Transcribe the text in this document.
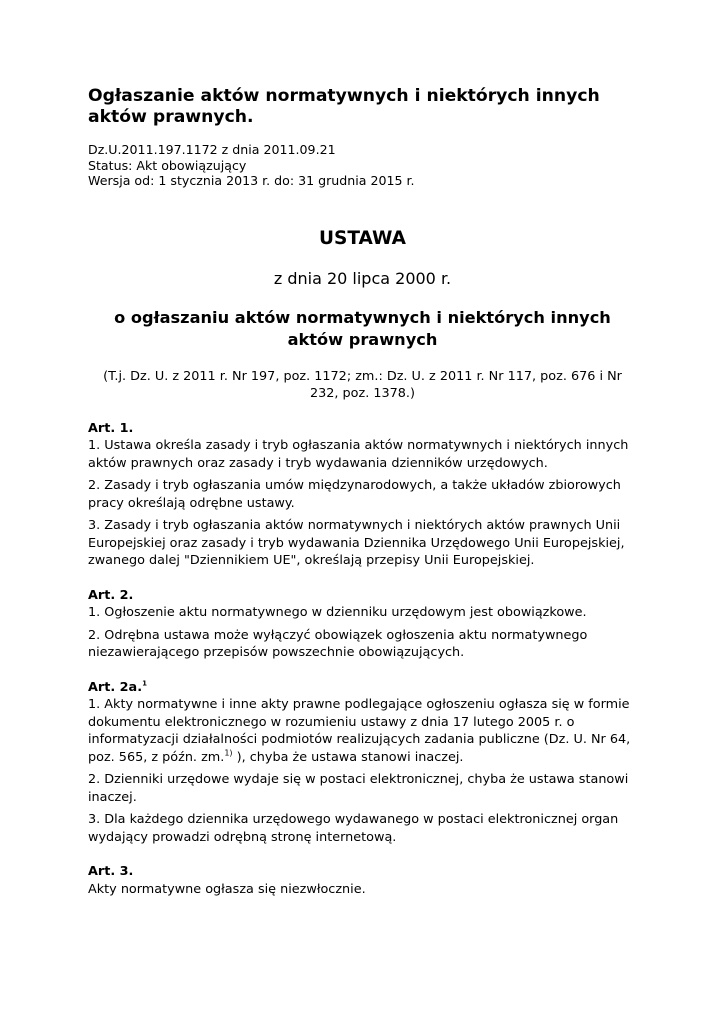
Ogłaszanie aktów normatywnych i niektórych innych aktów prawnych.
Dz.U.2011.197.1172 z dnia 2011.09.21
Status: Akt obowiązujący
Wersja od: 1 stycznia 2013 r. do: 31 grudnia 2015 r.
USTAWA
z dnia 20 lipca 2000 r.
o ogłaszaniu aktów normatywnych i niektórych innych aktów prawnych
(T.j. Dz. U. z 2011 r. Nr 197, poz. 1172; zm.: Dz. U. z 2011 r. Nr 117, poz. 676 i Nr 232, poz. 1378.)
Art. 1.

1. Ustawa określa zasady i tryb ogłaszania aktów normatywnych i niektórych innych aktów prawnych oraz zasady i tryb wydawania dzienników urzędowych.

2. Zasady i tryb ogłaszania umów międzynarodowych, a także układów zbiorowych pracy określają odrębne ustawy.

3. Zasady i tryb ogłaszania aktów normatywnych i niektórych aktów prawnych Unii Europejskiej oraz zasady i tryb wydawania Dziennika Urzędowego Unii Europejskiej, zwanego dalej "Dziennikiem UE", określają przepisy Unii Europejskiej.

Art. 2.

1. Ogłoszenie aktu normatywnego w dzienniku urzędowym jest obowiązkowe.

2. Odrębna ustawa może wyłączyć obowiązek ogłoszenia aktu normatywnego niezawierającego przepisów powszechnie obowiązujących.

Art. 2a.$^1$

1. Akty normatywne i inne akty prawne podlegające ogłoszeniu ogłasza się w formie dokumentu elektronicznego w rozumieniu ustawy z dnia 17 lutego 2005 r. o informatyzacji działalności podmiotów realizujących zadania publiczne (Dz. U. Nr 64, poz. 565, z późn. zm.$^{1)}$ ), chyba że ustawa stanowi inaczej.

2. Dzienniki urzędowe wydaje się w postaci elektronicznej, chyba że ustawa stanowi inaczej.

3. Dla każdego dziennika urzędowego wydawanego w postaci elektronicznej organ wydający prowadzi odrębną stronę internetową.

Art. 3.

Akty normatywne ogłasza się niezwłocznie.
